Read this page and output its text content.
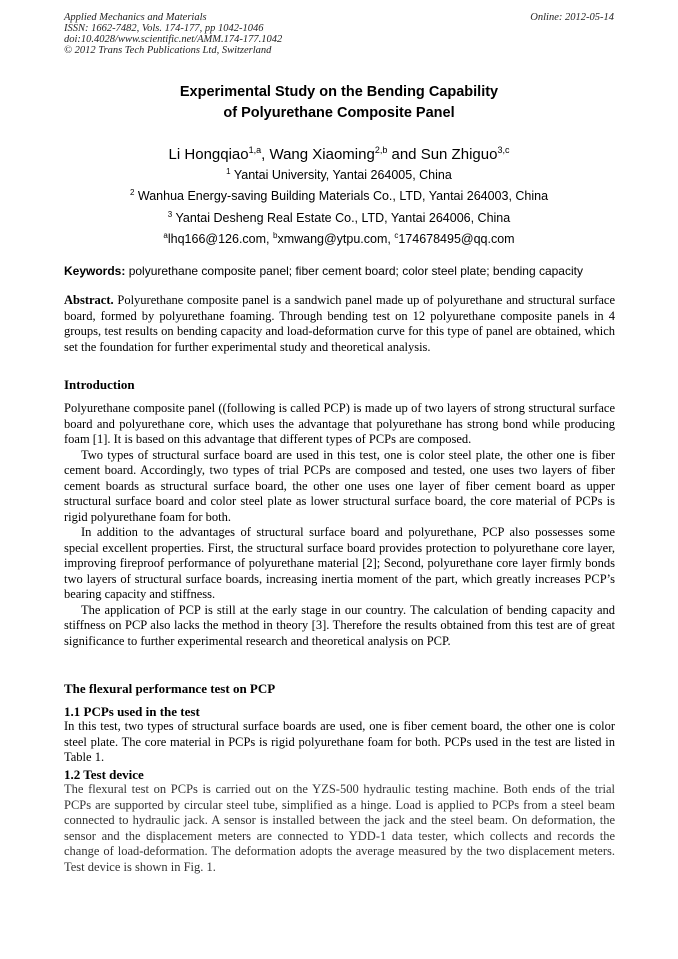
Applied Mechanics and Materials
ISSN: 1662-7482, Vols. 174-177, pp 1042-1046
doi:10.4028/www.scientific.net/AMM.174-177.1042
© 2012 Trans Tech Publications Ltd, Switzerland
Online: 2012-05-14
Experimental Study on the Bending Capability
of Polyurethane Composite Panel
Li Hongqiao$^{1,a}$, Wang Xiaoming$^{2,b}$ and Sun Zhiguo$^{3,c}$
$^1$ Yantai University, Yantai 264005, China
$^2$ Wanhua Energy-saving Building Materials Co., LTD, Yantai 264003, China
$^3$ Yantai Desheng Real Estate Co., LTD, Yantai 264006, China
$^a$lhq166@126.com, $^b$xmwang@ytpu.com, $^c$174678495@qq.com
Keywords: polyurethane composite panel; fiber cement board; color steel plate; bending capacity

Abstract. Polyurethane composite panel is a sandwich panel made up of polyurethane and structural surface board, formed by polyurethane foaming. Through bending test on 12 polyurethane composite panels in 4 groups, test results on bending capacity and load-deformation curve for this type of panel are obtained, which set the foundation for further experimental study and theoretical analysis.

Introduction

Polyurethane composite panel ((following is called PCP) is made up of two layers of strong structural surface board and polyurethane core, which uses the advantage that polyurethane has strong bond while producing foam [1]. It is based on this advantage that different types of PCPs are composed.

Two types of structural surface board are used in this test, one is color steel plate, the other one is fiber cement board. Accordingly, two types of trial PCPs are composed and tested, one uses two layers of fiber cement boards as structural surface board, the other one uses one layer of fiber cement board as upper structural surface board and color steel plate as lower structural surface board, the core material of PCPs is rigid polyurethane foam for both.

In addition to the advantages of structural surface board and polyurethane, PCP also possesses some special excellent properties. First, the structural surface board provides protection to polyurethane core layer, improving fireproof performance of polyurethane material [2]; Second, polyurethane core layer firmly bonds two layers of structural surface boards, increasing inertia moment of the part, which greatly increases PCP’s bearing capacity and stiffness.

The application of PCP is still at the early stage in our country. The calculation of bending capacity and stiffness on PCP also lacks the method in theory [3]. Therefore the results obtained from this test are of great significance to further experimental research and theoretical analysis on PCP.

The flexural performance test on PCP
1.1 PCPs used in the test

In this test, two types of structural surface boards are used, one is fiber cement board, the other one is color steel plate. The core material in PCPs is rigid polyurethane foam for both. PCPs used in the test are listed in Table 1.

1.2 Test device

The flexural test on PCPs is carried out on the YZS-500 hydraulic testing machine. Both ends of the trial PCPs are supported by circular steel tube, simplified as a hinge. Load is applied to PCPs from a steel beam connected to hydraulic jack. A sensor is installed between the jack and the steel beam. On deformation, the sensor and the displacement meters are connected to YDD-1 data tester, which collects and records the change of load-deformation. The deformation adopts the average measured by the two displacement meters. Test device is shown in Fig. 1.
